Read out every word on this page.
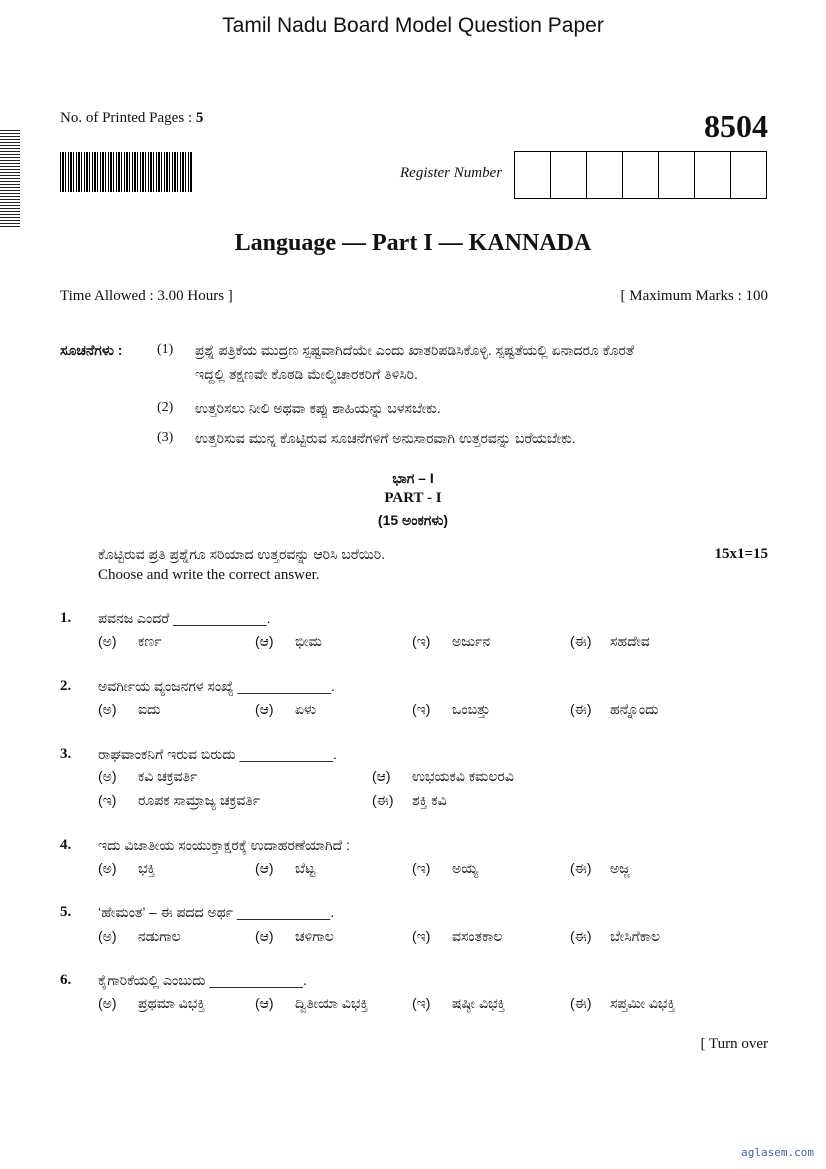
Tamil Nadu Board Model Question Paper
No. of Printed Pages : 5	8504
Register Number
Language — Part I — KANNADA
Time Allowed : 3.00 Hours ]	[ Maximum Marks : 100
ಸೂಚನೆಗಳು : (1) ಪ್ರಶ್ನೆ ಪತ್ರಿಕೆಯ ಮುದ್ರಣ ಸ್ಪಷ್ಟವಾಗಿದೆಯೇ ಎಂದು ಖಾತರಿಪಡಿಸಿಕೊಳ್ಳಿ. ಸ್ಪಷ್ಟತೆಯಲ್ಲಿ ಏನಾದರೂ ಕೊರತೆ
ಇದ್ದಲ್ಲಿ ತಕ್ಷಣವೇ ಕೊಠಡಿ ಮೇಲ್ವಿಚಾರಕರಿಗೆ ತಿಳಿಸಿರಿ.
(2) ಉತ್ತರಿಸಲು ನೀಲಿ ಅಥವಾ ಕಪ್ಪು ಶಾಹಿಯನ್ನು ಬಳಸಬೇಕು.
(3) ಉತ್ತರಿಸುವ ಮುನ್ನ ಕೊಟ್ಟಿರುವ ಸೂಚನೆಗಳಿಗೆ ಅನುಸಾರವಾಗಿ ಉತ್ತರವನ್ನು ಬರೆಯಬೇಕು.
ಭಾಗ – I
PART - I
(15 ಅಂಕಗಳು)
ಕೊಟ್ಟಿರುವ ಪ್ರತಿ ಪ್ರಶ್ನೆಗೂ ಸರಿಯಾದ ಉತ್ತರವನ್ನು ಆರಿಸಿ ಬರೆಯಿರಿ.
Choose and write the correct answer.
15x1=15
1. ಪವನಜ ಎಂದರೆ ____________.
(ಅ)	ಕರ್ಣ	(ಆ)	ಭೀಮ	(ಇ)	ಅರ್ಜುನ	(ಈ)	ಸಹದೇವ
2. ಅವರ್ಗೀಯ ವ್ಯಂಜನಗಳ ಸಂಖ್ಯೆ ____________.
(ಅ)	ಐದು	(ಆ)	ಏಳು	(ಇ)	ಒಂಬತ್ತು	(ಈ)	ಹನ್ನೊಂದು
3. ರಾಘವಾಂಕನಿಗೆ ಇರುವ ಬಿರುದು ____________.
(ಅ)	ಕವಿ ಚಕ್ರವರ್ತಿ	(ಆ)	ಉಭಯಕವಿ ಕಮಲರವಿ
(ಇ)	ರೂಪಕ ಸಾಮ್ರಾಜ್ಯ ಚಕ್ರವರ್ತಿ	(ಈ)	ಶಕ್ತಿ ಕವಿ
4. ಇದು ವಿಜಾತೀಯ ಸಂಯುಕ್ತಾಕ್ಷರಕ್ಕೆ ಉದಾಹರಣೆಯಾಗಿದೆ :
(ಅ)	ಭಕ್ತಿ	(ಆ)	ಬೆಟ್ಟ	(ಇ)	ಅಯ್ಯ	(ಈ)	ಅಜ್ಜ
5. ‘ಹೇಮಂತ’ – ಈ ಪದದ ಅರ್ಥ ____________.
(ಅ)	ನಡುಗಾಲ	(ಆ)	ಚಳಿಗಾಲ	(ಇ)	ವಸಂತಕಾಲ	(ಈ)	ಬೇಸಿಗೆಕಾಲ
6. ಕೈಗಾರಿಕೆಯಲ್ಲಿ ಎಂಬುದು ____________.
(ಅ)	ಪ್ರಥಮಾ ವಿಭಕ್ತಿ	(ಆ)	ದ್ವಿತೀಯಾ ವಿಭಕ್ತಿ	(ಇ)	ಷಷ್ಠೀ ವಿಭಕ್ತಿ	(ಈ)	ಸಪ್ತಮೀ ವಿಭಕ್ತಿ
[ Turn over
aglasem.com
